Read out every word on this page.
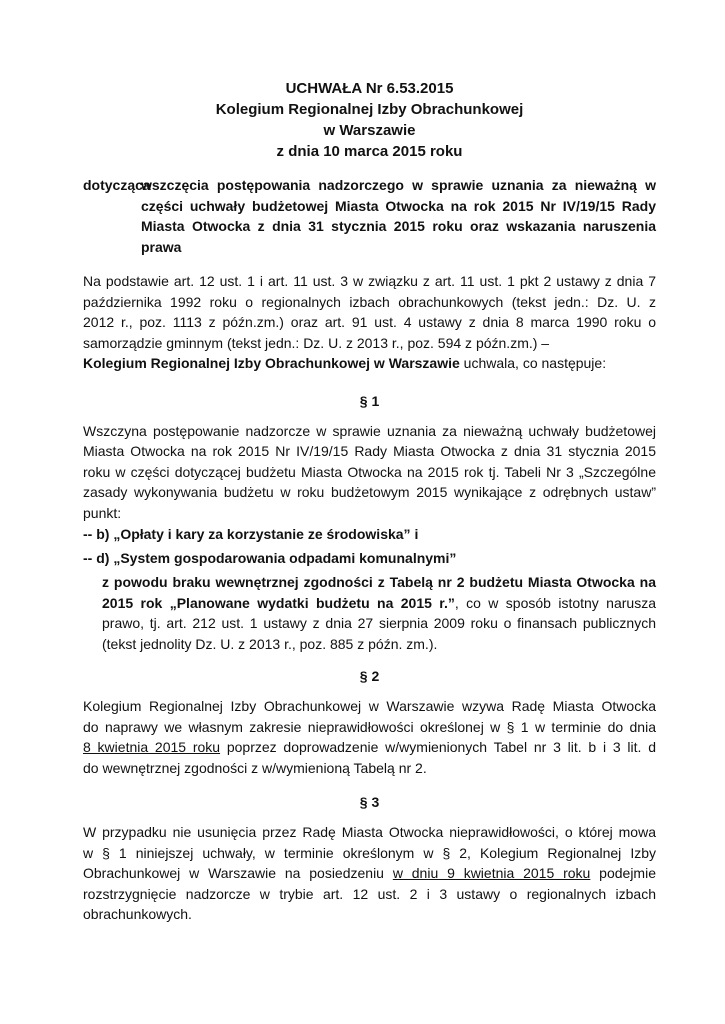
UCHWAŁA Nr 6.53.2015
Kolegium Regionalnej Izby Obrachunkowej
w Warszawie
z dnia 10 marca 2015 roku
dotycząca
wszczęcia postępowania nadzorczego w sprawie uznania za nieważną w
części uchwały budżetowej Miasta Otwocka na rok 2015 Nr IV/19/15 Rady
Miasta Otwocka z dnia 31 stycznia 2015 roku oraz wskazania naruszenia
prawa
Na podstawie art. 12 ust. 1 i art. 11 ust. 3 w związku z art. 11 ust. 1 pkt 2 ustawy z dnia 7
października 1992 roku o regionalnych izbach obrachunkowych (tekst jedn.: Dz. U. z
2012 r., poz. 1113 z późn.zm.) oraz art. 91 ust. 4 ustawy z dnia 8 marca 1990 roku o
samorządzie gminnym (tekst jedn.: Dz. U. z 2013 r., poz. 594 z późn.zm.) –
Kolegium Regionalnej Izby Obrachunkowej w Warszawie uchwala, co następuje:
§ 1
Wszczyna postępowanie nadzorcze w sprawie uznania za nieważną uchwały budżetowej
Miasta Otwocka na rok 2015 Nr IV/19/15 Rady Miasta Otwocka z dnia 31 stycznia 2015
roku w części dotyczącej budżetu Miasta Otwocka na 2015 rok tj. Tabeli Nr 3 „Szczególne
zasady wykonywania budżetu w roku budżetowym 2015 wynikające z odrębnych ustaw”
punkt:
-- b) „Opłaty i kary za korzystanie ze środowiska” i
-- d) „System gospodarowania odpadami komunalnymi”
z powodu braku wewnętrznej zgodności z Tabelą nr 2 budżetu Miasta Otwocka na
2015 rok „Planowane wydatki budżetu na 2015 r.”, co w sposób istotny narusza
prawo, tj. art. 212 ust. 1 ustawy z dnia 27 sierpnia 2009 roku o finansach publicznych
(tekst jednolity Dz. U. z 2013 r., poz. 885 z późn. zm.).
§ 2
Kolegium Regionalnej Izby Obrachunkowej w Warszawie wzywa Radę Miasta Otwocka
do naprawy we własnym zakresie nieprawidłowości określonej w § 1 w terminie do dnia
8 kwietnia 2015 roku poprzez doprowadzenie w/wymienionych Tabel nr 3 lit. b i 3 lit. d
do wewnętrznej zgodności z w/wymienioną Tabelą nr 2.
§ 3
W przypadku nie usunięcia przez Radę Miasta Otwocka nieprawidłowości, o której mowa
w § 1 niniejszej uchwały, w terminie określonym w § 2, Kolegium Regionalnej Izby
Obrachunkowej w Warszawie na posiedzeniu w dniu 9 kwietnia 2015 roku podejmie
rozstrzygnięcie nadzorcze w trybie art. 12 ust. 2 i 3 ustawy o regionalnych izbach
obrachunkowych.
